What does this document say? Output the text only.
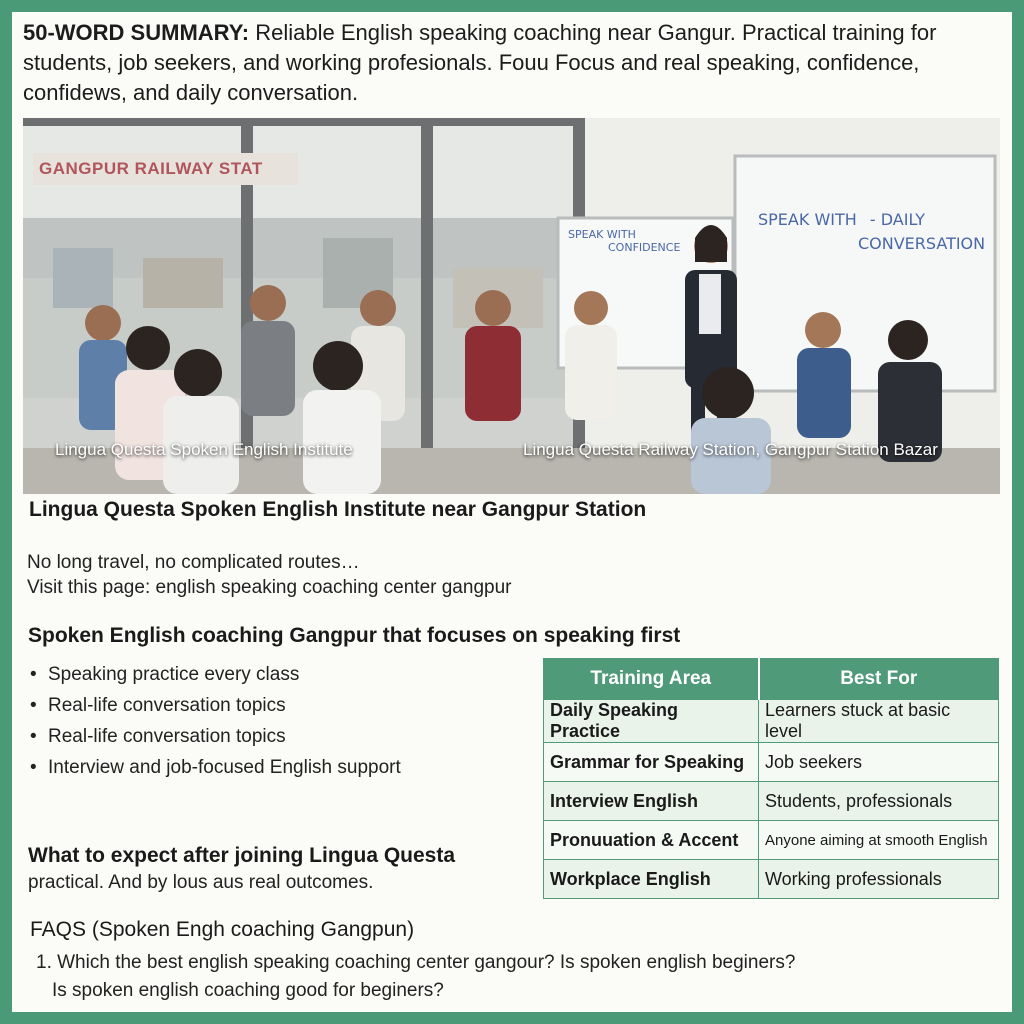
50-WORD SUMMARY: Reliable English speaking coaching near Gangur. Practical training for students, job seekers, and working profesionals. Fouu Focus and real speaking, confidence, confidews, and daily conversation.
GANGPUR RAILWAY STAT
SPEAK WITH
CONFIDENCE
SPEAK WITH - DAILY
CONVERSATION
Lingua Questa Spoken English Institute	Lingua Questa Railway Station, Gangpur Station Bazar
Lingua Questa Spoken English Institute near Gangpur Station
No long travel, no complicated routes…
Visit this page: english speaking coaching center gangpur
Spoken English coaching Gangpur that focuses on speaking first
• Speaking practice every class
• Real-life conversation topics
• Real-life conversation topics
• Interview and job-focused English support
Training Area	Best For
Daily Speaking Practice	Learners stuck at basic level
Grammar for Speaking	Job seekers
Interview English	Students, professionals
Pronuuation & Accent	Anyone aiming at smooth English
Workplace English	Working professionals
What to expect after joining Lingua Questa
practical. And by lous aus real outcomes.
FAQS (Spoken Engh coaching Gangpun)
1. Which the best english speaking coaching center gangour? Is spoken english beginers?
Is spoken english coaching good for beginers?
